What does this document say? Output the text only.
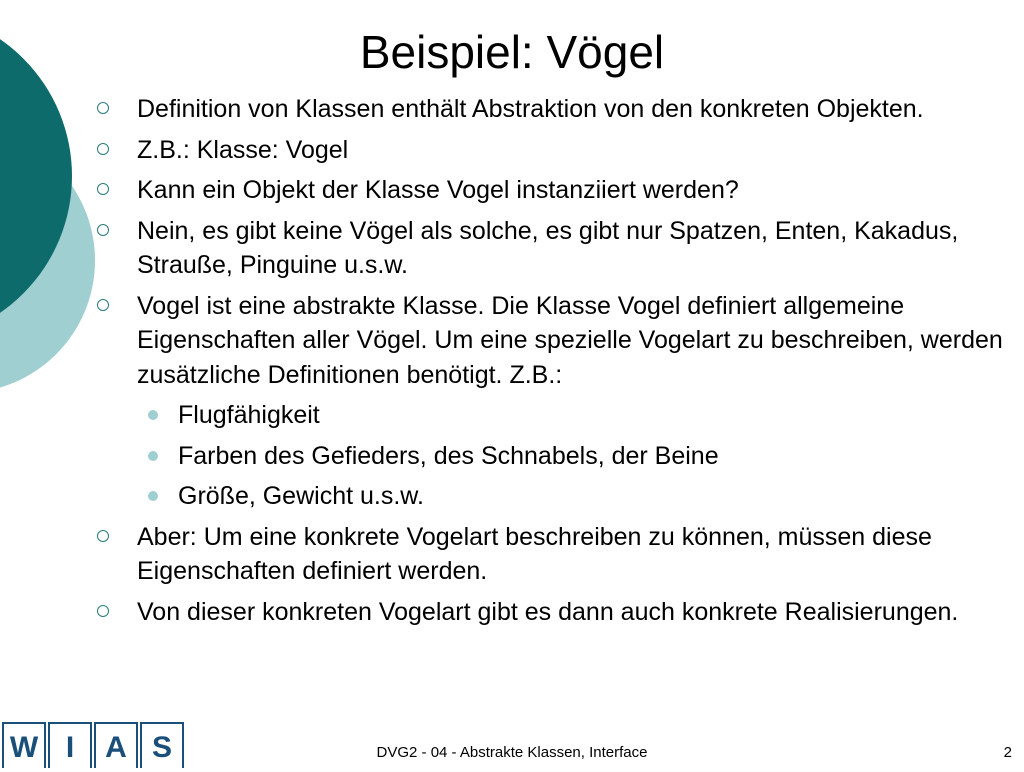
Beispiel: Vögel
Definition von Klassen enthält Abstraktion von den konkreten Objekten.
Z.B.: Klasse: Vogel
Kann ein Objekt der Klasse Vogel instanziiert werden?
Nein, es gibt keine Vögel als solche, es gibt nur Spatzen, Enten, Kakadus, Strauße, Pinguine u.s.w.
Vogel ist eine abstrakte Klasse. Die Klasse Vogel definiert allgemeine Eigenschaften aller Vögel. Um eine spezielle Vogelart zu beschreiben, werden zusätzliche Definitionen benötigt. Z.B.:
Flugfähigkeit
Farben des Gefieders, des Schnabels, der Beine
Größe, Gewicht u.s.w.
Aber: Um eine konkrete Vogelart beschreiben zu können, müssen diese Eigenschaften definiert werden.
Von dieser konkreten Vogelart gibt es dann auch konkrete Realisierungen.
W I	A S	DVG2 - 04 - Abstrakte Klassen, Interface	2
